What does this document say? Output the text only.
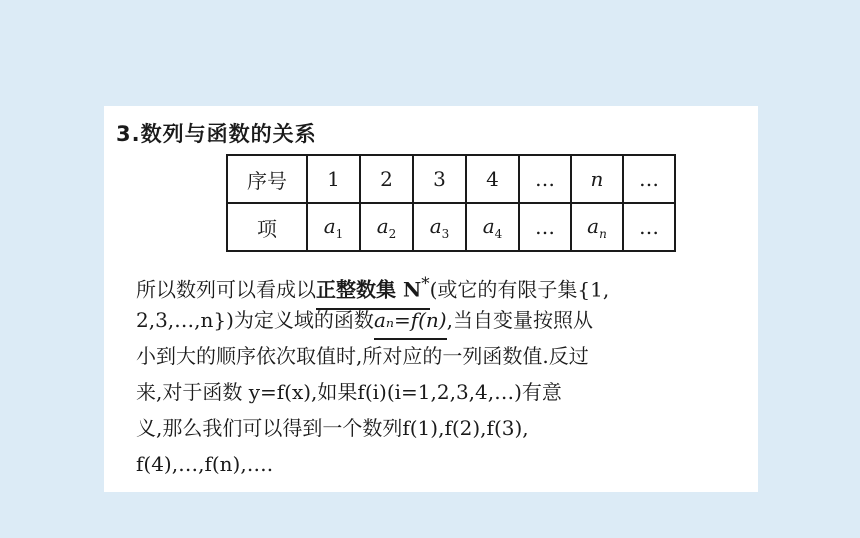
3.数列与函数的关系
序号	1	2	3	4	…	n	…
项	$a_1$	$a_2$	$a_3$	$a_4$	…	$a_n$	…
所以数列可以看成以正整数集 N*(或它的有限子集{1,
2,3,…,n})为定义域的函数aₙ=f(n),当自变量按照从
小到大的顺序依次取值时,所对应的一列函数值.反过
来,对于函数 y=f(x),如果f(i)(i=1,2,3,4,…)有意
义,那么我们可以得到一个数列f(1),f(2),f(3),
f(4),…,f(n),….
